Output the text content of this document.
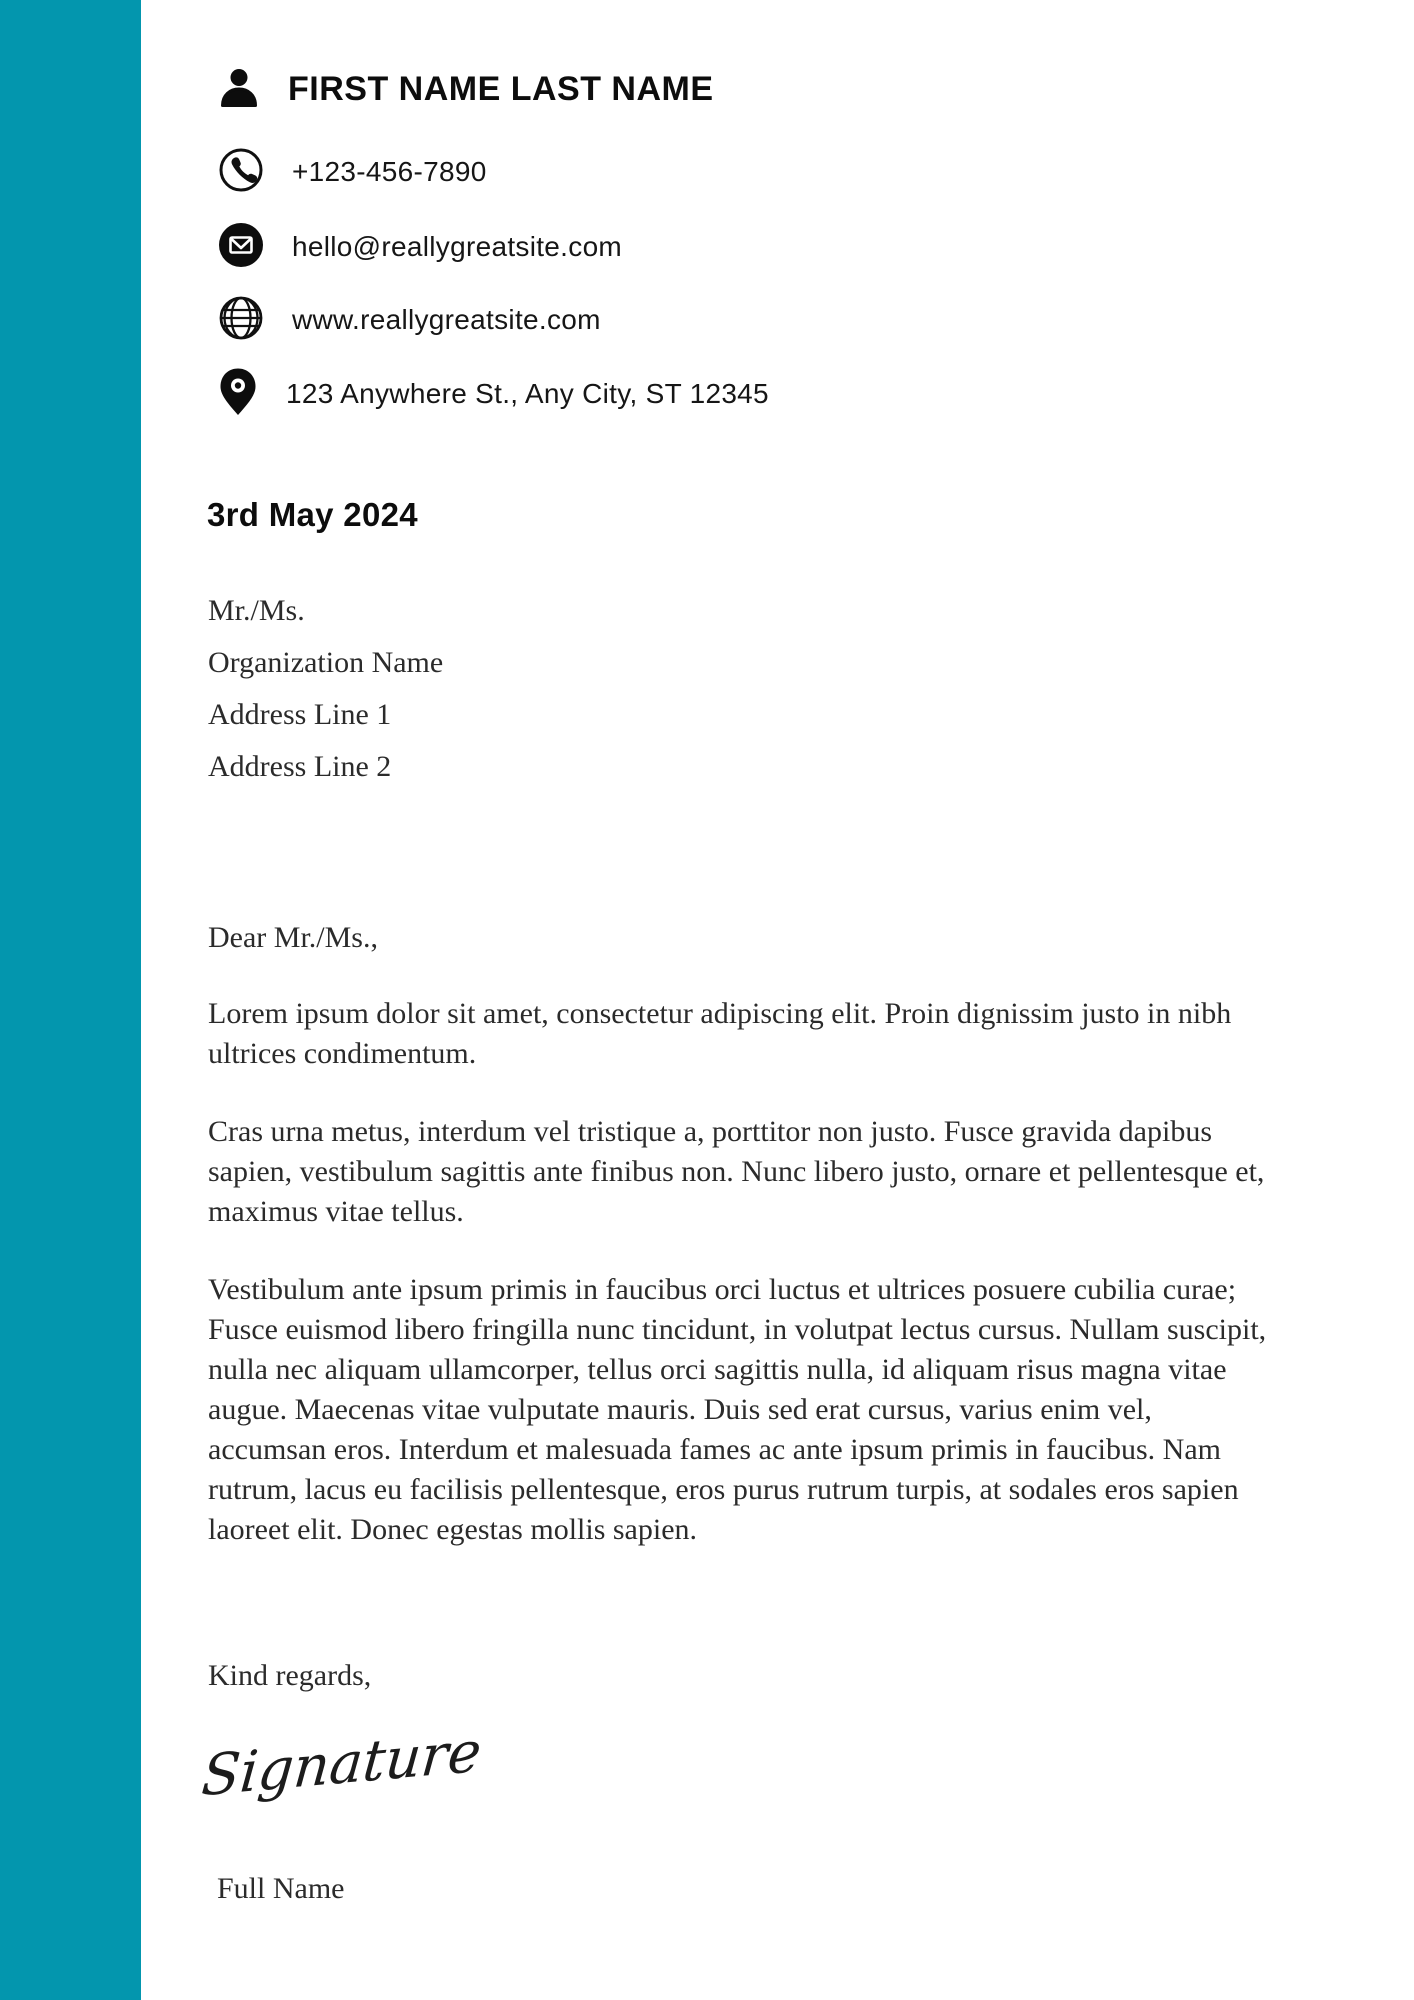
FIRST NAME LAST NAME
+123-456-7890
hello@reallygreatsite.com
www.reallygreatsite.com
123 Anywhere St., Any City, ST 12345
3rd May 2024
Mr./Ms.
Organization Name
Address Line 1
Address Line 2
Dear Mr./Ms.,

Lorem ipsum dolor sit amet, consectetur adipiscing elit. Proin dignissim justo in nibh ultrices condimentum.

Cras urna metus, interdum vel tristique a, porttitor non justo. Fusce gravida dapibus sapien, vestibulum sagittis ante finibus non. Nunc libero justo, ornare et pellentesque et, maximus vitae tellus.

Vestibulum ante ipsum primis in faucibus orci luctus et ultrices posuere cubilia curae; Fusce euismod libero fringilla nunc tincidunt, in volutpat lectus cursus. Nullam suscipit, nulla nec aliquam ullamcorper, tellus orci sagittis nulla, id aliquam risus magna vitae augue. Maecenas vitae vulputate mauris. Duis sed erat cursus, varius enim vel, accumsan eros. Interdum et malesuada fames ac ante ipsum primis in faucibus. Nam rutrum, lacus eu facilisis pellentesque, eros purus rutrum turpis, at sodales eros sapien laoreet elit. Donec egestas mollis sapien.

Kind regards,
Signature
Full Name
